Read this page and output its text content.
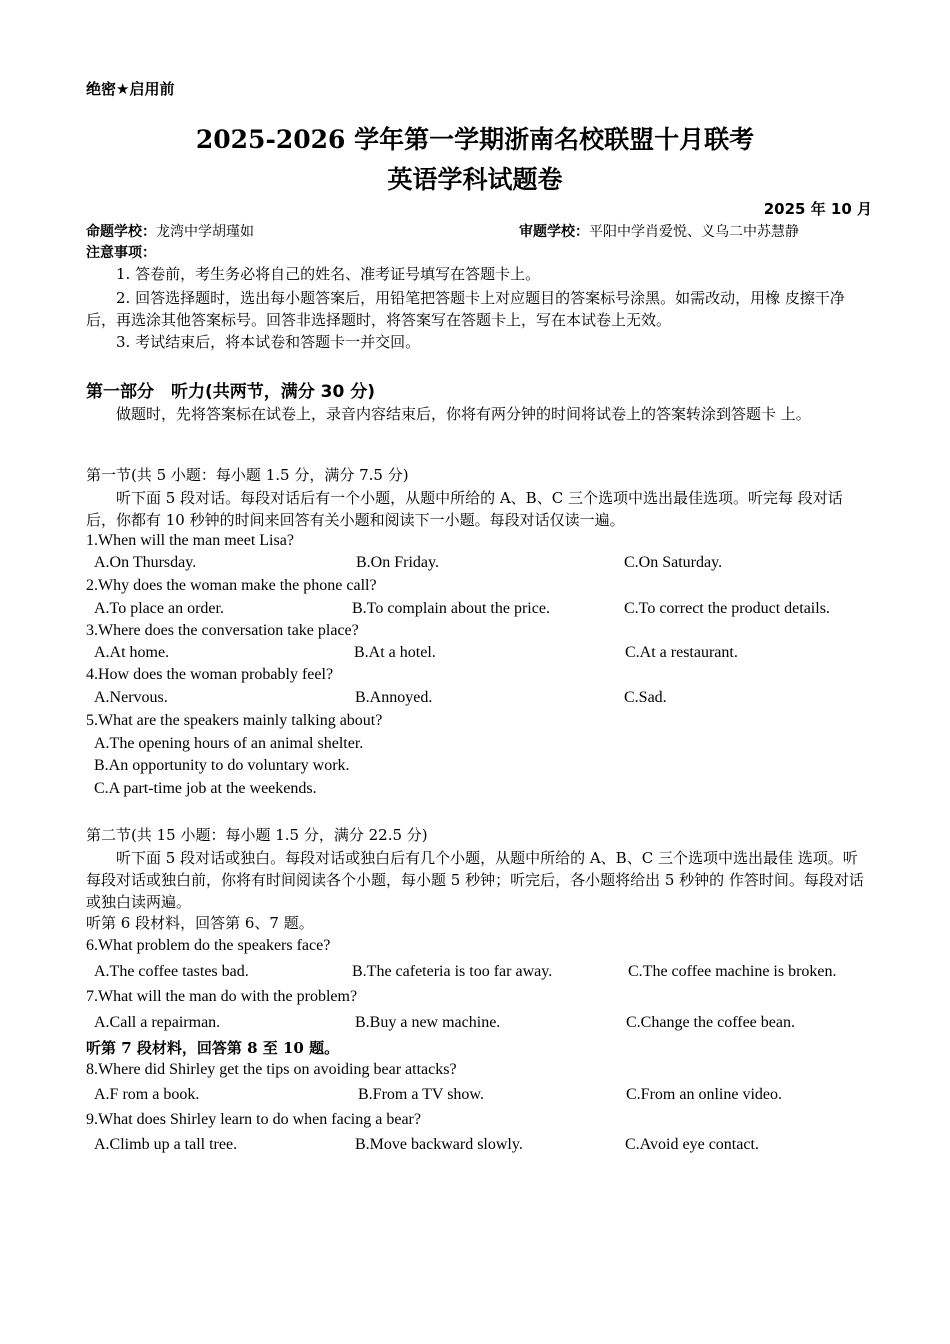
绝密★启用前
2025-2026 学年第一学期浙南名校联盟十月联考
英语学科试题卷
2025 年 10 月
命题学校：龙湾中学胡瑾如	审题学校：平阳中学肖爱悦、义乌二中苏慧静
注意事项：
1. 答卷前，考生务必将自己的姓名、准考证号填写在答题卡上。
2. 回答选择题时，选出每小题答案后，用铅笔把答题卡上对应题目的答案标号涂黑。如需改动，用橡 皮擦干净后，再选涂其他答案标号。回答非选择题时，将答案写在答题卡上，写在本试卷上无效。
3. 考试结束后，将本试卷和答题卡一并交回。
第一部分　听力(共两节，满分 30 分)
做题时，先将答案标在试卷上，录音内容结束后，你将有两分钟的时间将试卷上的答案转涂到答题卡 上。
第一节(共 5 小题：每小题 1.5 分，满分 7.5 分)
听下面 5 段对话。每段对话后有一个小题，从题中所给的 A、B、C 三个选项中选出最佳选项。听完每 段对话后，你都有 10 秒钟的时间来回答有关小题和阅读下一小题。每段对话仅读一遍。
1.When will the man meet Lisa?
A.On Thursday.	B.On Friday.	C.On Saturday.
2.Why does the woman make the phone call?
A.To place an order.	B.To complain about the price.	C.To correct the product details.
3.Where does the conversation take place?
A.At home.	B.At a hotel.	C.At a restaurant.
4.How does the woman probably feel?
A.Nervous.	B.Annoyed.	C.Sad.
5.What are the speakers mainly talking about?
A.The opening hours of an animal shelter.
B.An opportunity to do voluntary work.
C.A part-time job at the weekends.
第二节(共 15 小题：每小题 1.5 分，满分 22.5 分)
听下面 5 段对话或独白。每段对话或独白后有几个小题，从题中所给的 A、B、C 三个选项中选出最佳 选项。听每段对话或独白前，你将有时间阅读各个小题，每小题 5 秒钟；听完后，各小题将给出 5 秒钟的 作答时间。每段对话或独白读两遍。
听第 6 段材料，回答第 6、7 题。
6.What problem do the speakers face?
A.The coffee tastes bad.	B.The cafeteria is too far away.	C.The coffee machine is broken.
7.What will the man do with the problem?
A.Call a repairman.	B.Buy a new machine.	C.Change the coffee bean.
听第 7 段材料，回答第 8 至 10 题。
8.Where did Shirley get the tips on avoiding bear attacks?
A.F rom a book.	B.From a TV show.	C.From an online video.
9.What does Shirley learn to do when facing a bear?
A.Climb up a tall tree.	B.Move backward slowly.	C.Avoid eye contact.
